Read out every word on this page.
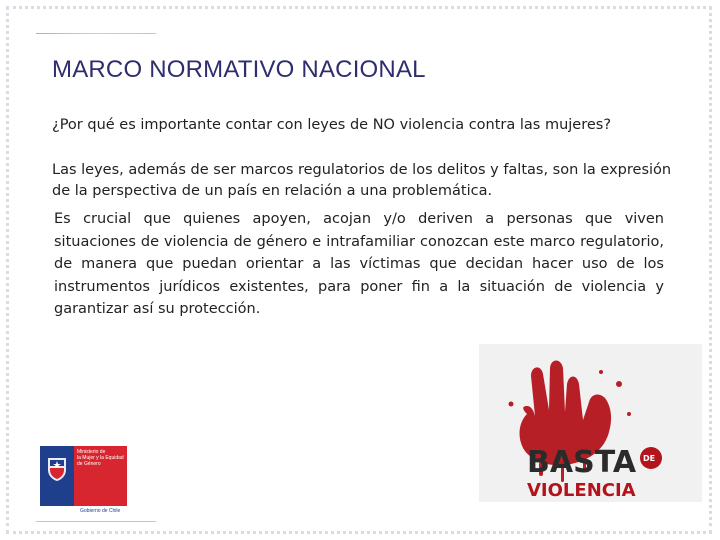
MARCO NORMATIVO NACIONAL

¿Por qué es importante contar con leyes de NO violencia contra las mujeres?

Las leyes, además de ser marcos regulatorios de los delitos y faltas, son la expresión de la perspectiva de un país en relación a una problemática.

Es crucial que quienes apoyen, acojan y/o deriven a personas que viven situaciones de violencia de género e intrafamiliar conozcan este marco regulatorio, de manera que puedan orientar a las víctimas que decidan hacer uso de los instrumentos jurídicos existentes, para poner fin a la situación de violencia y garantizar así su protección.

BASTA DE
VIOLENCIA
Ministerio de
la Mujer y la Equidad
de Género
Gobierno de Chile
